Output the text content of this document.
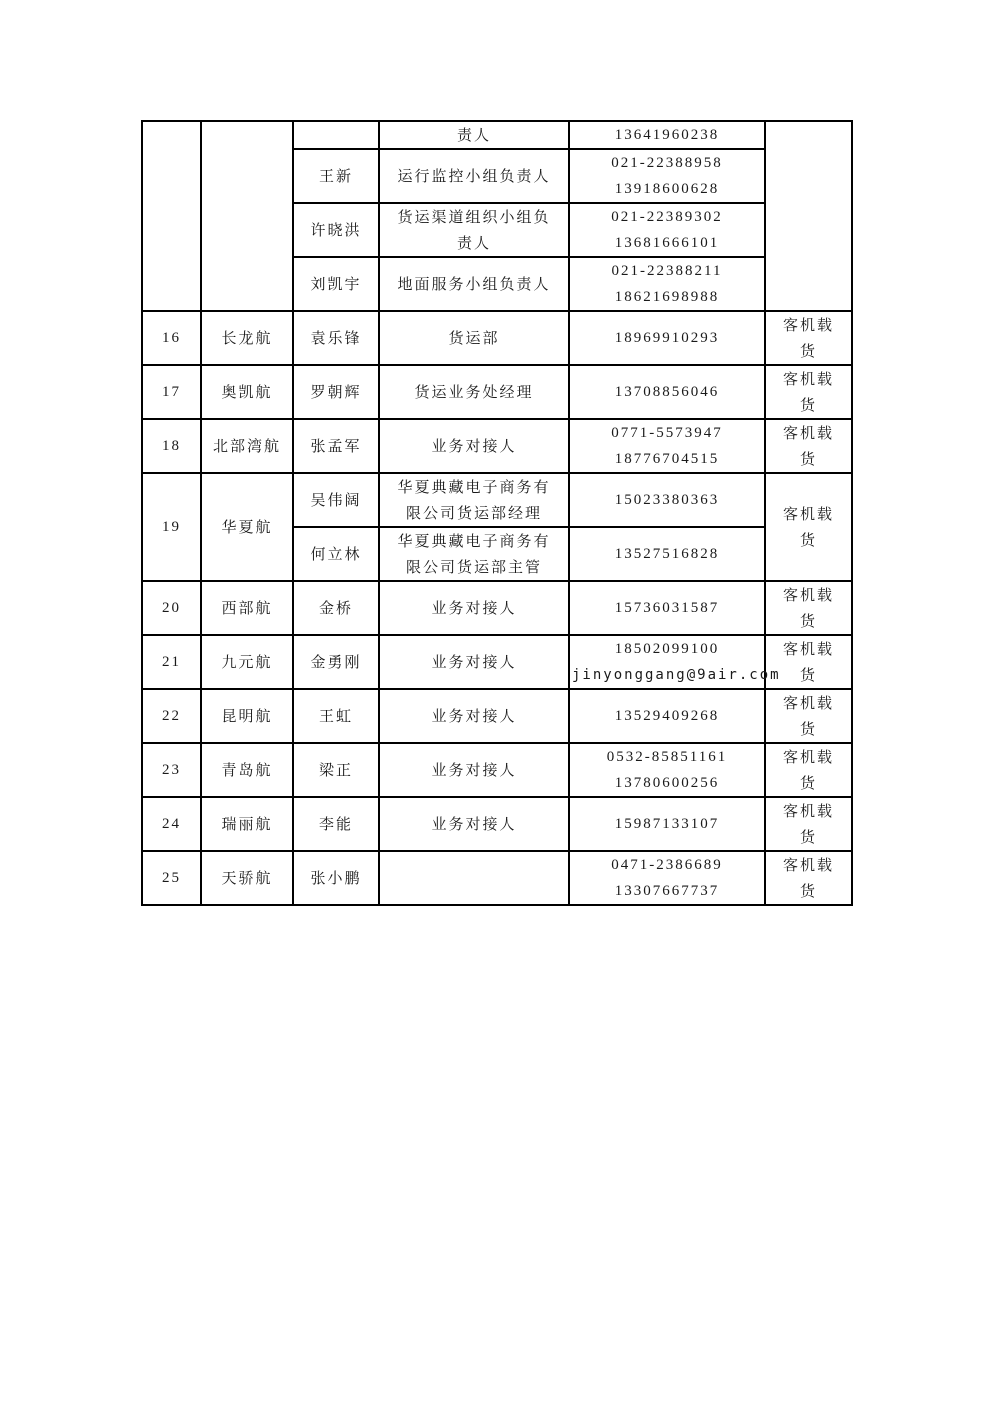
			责人	13641960238	

		王新	运行监控小组负责人	021-22388958
13918600628	

		许晓洪	货运渠道组织小组负
责人	021-22389302
13681666101	

		刘凯宇	地面服务小组负责人	021-22388211
18621698988	

16	长龙航	袁乐锋	货运部	18969910293	客机载
货

17	奥凯航	罗朝辉	货运业务处经理	13708856046	客机载
货

18	北部湾航	张孟军	业务对接人	0771-5573947
18776704515	客机载
货

19	华夏航	吴伟阔	华夏典藏电子商务有
限公司货运部经理	15023380363	客机载
货

		何立林	华夏典藏电子商务有
限公司货运部主管	13527516828	

20	西部航	金桥	业务对接人	15736031587	客机载
货

21	九元航	金勇刚	业务对接人	18502099100
jinyonggang@9air.com	客机载
货

22	昆明航	王虹	业务对接人	13529409268	客机载
货

23	青岛航	梁正	业务对接人	0532-85851161
13780600256	客机载
货

24	瑞丽航	李能	业务对接人	15987133107	客机载
货

25	天骄航	张小鹏		0471-2386689
13307667737	客机载
货
